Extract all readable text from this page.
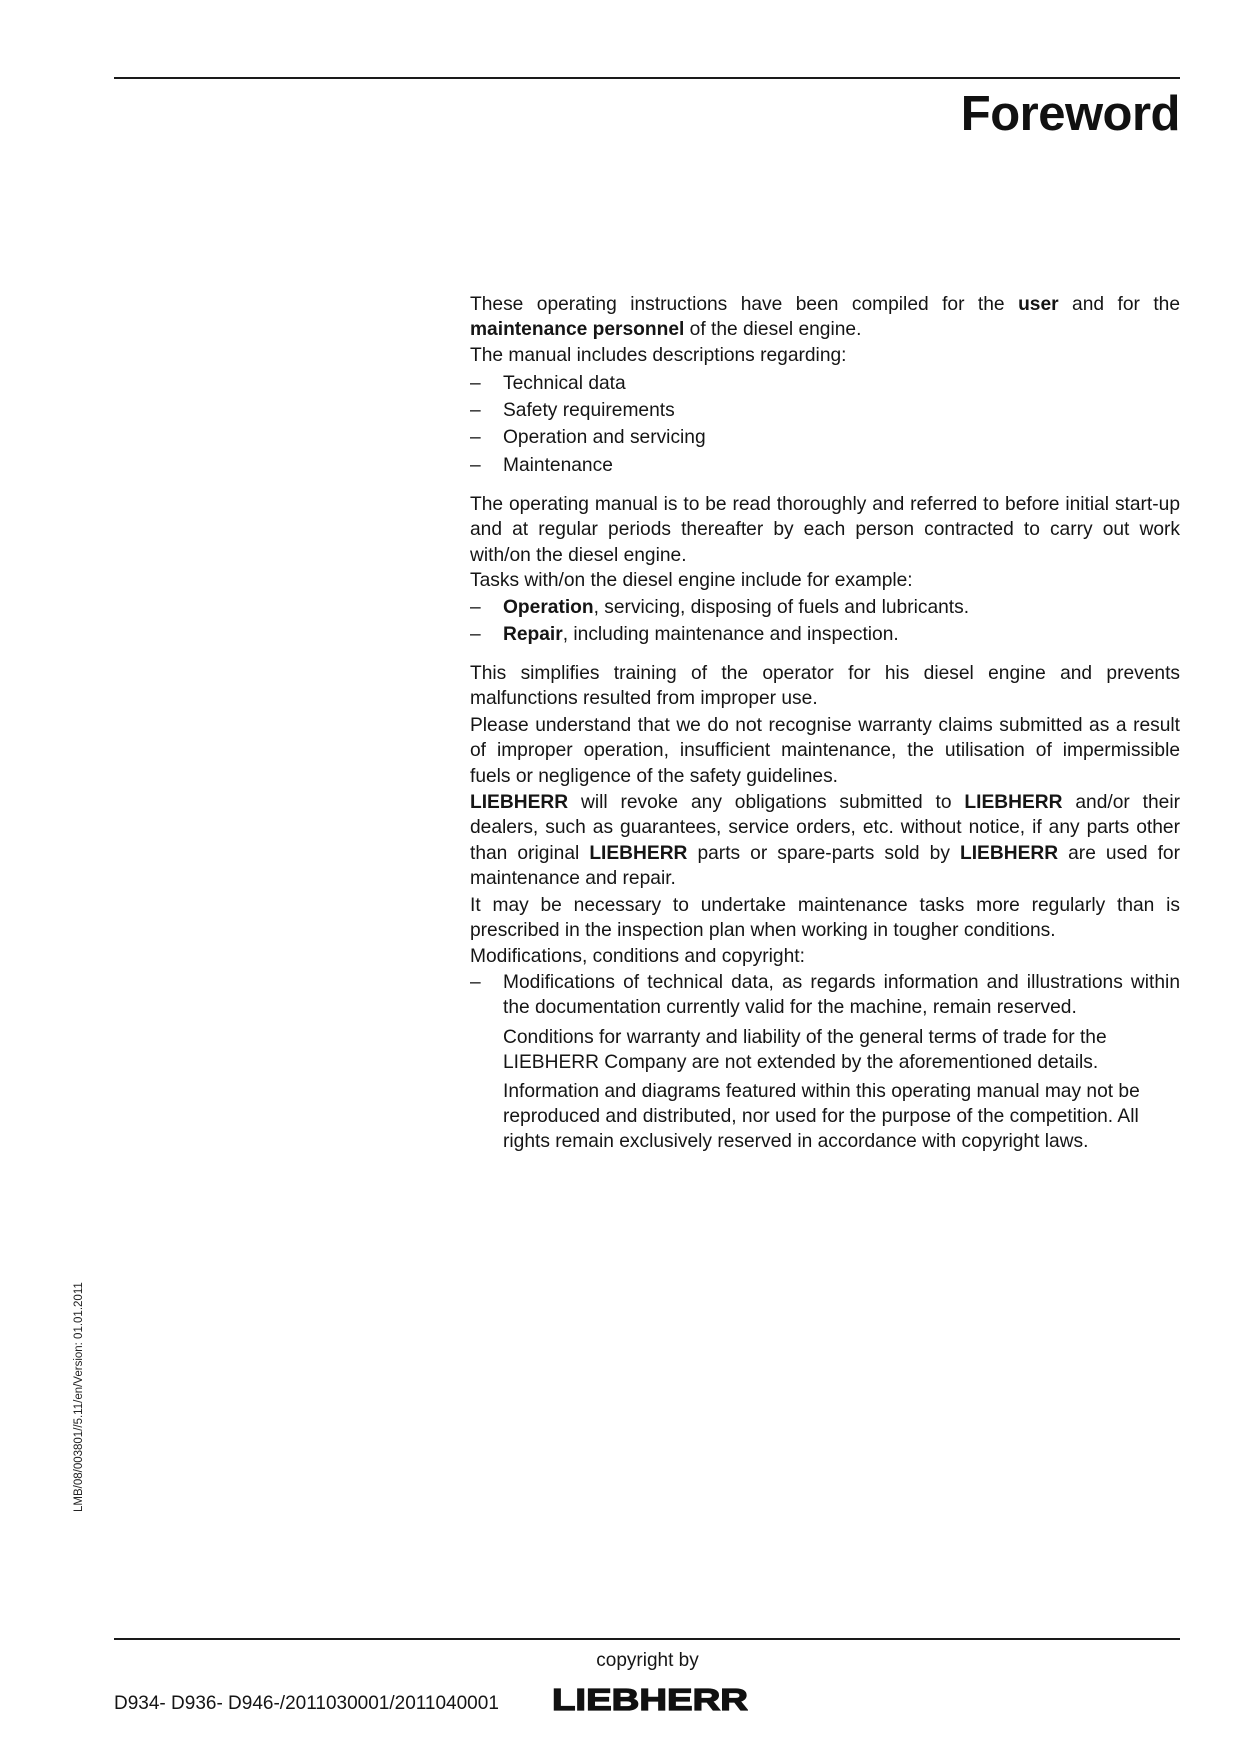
Foreword

These operating instructions have been compiled for the user and for the maintenance personnel of the diesel engine.

The manual includes descriptions regarding:

– Technical data

– Safety requirements

– Operation and servicing

– Maintenance

The operating manual is to be read thoroughly and referred to before initial start-up and at regular periods thereafter by each person contracted to carry out work with/on the diesel engine.

Tasks with/on the diesel engine include for example:

– Operation, servicing, disposing of fuels and lubricants.

– Repair, including maintenance and inspection.

This simplifies training of the operator for his diesel engine and prevents malfunctions resulted from improper use.

Please understand that we do not recognise warranty claims submitted as a result of improper operation, insufficient maintenance, the utilisation of impermissible fuels or negligence of the safety guidelines.

LIEBHERR will revoke any obligations submitted to LIEBHERR and/or their dealers, such as guarantees, service orders, etc. without notice, if any parts other than original LIEBHERR parts or spare-parts sold by LIEBHERR are used for maintenance and repair.

It may be necessary to undertake maintenance tasks more regularly than is prescribed in the inspection plan when working in tougher conditions.

Modifications, conditions and copyright:

– Modifications of technical data, as regards information and illustrations within the documentation currently valid for the machine, remain reserved.

Conditions for warranty and liability of the general terms of trade for the LIEBHERR Company are not extended by the aforementioned details.

Information and diagrams featured within this operating manual may not be reproduced and distributed, nor used for the purpose of the competition. All rights remain exclusively reserved in accordance with copyright laws.

LMB/08/003801//5.11/en/Version: 01.01.2011
copyright by
D934- D936- D946-/2011030001/2011040001 LIEBHERR
